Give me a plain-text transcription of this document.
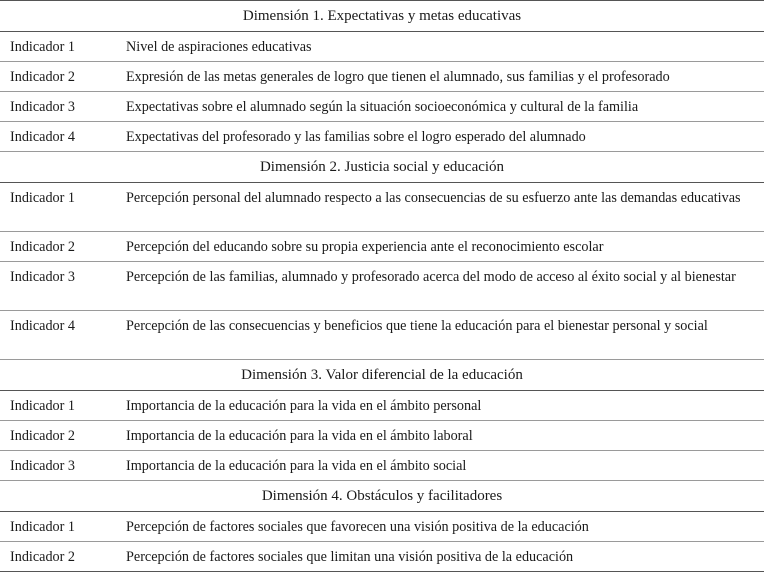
Dimensión 1. Expectativas y metas educativas	
Indicador 1	Nivel de aspiraciones educativas
Indicador 2	Expresión de las metas generales de logro que tienen el alumnado, sus familias y el profesorado
Indicador 3	Expectativas sobre el alumnado según la situación socioeconómica y cultural de la familia
Indicador 4	Expectativas del profesorado y las familias sobre el logro esperado del alumnado
Dimensión 2. Justicia social y educación	
Indicador 1	Percepción personal del alumnado respecto a las consecuencias de su esfuerzo ante las demandas educativas
Indicador 2	Percepción del educando sobre su propia experiencia ante el reconocimiento escolar
Indicador 3	Percepción de las familias, alumnado y profesorado acerca del modo de acceso al éxito social y al bienestar
Indicador 4	Percepción de las consecuencias y beneficios que tiene la educación para el bienestar personal y social
Dimensión 3. Valor diferencial de la educación	
Indicador 1	Importancia de la educación para la vida en el ámbito personal
Indicador 2	Importancia de la educación para la vida en el ámbito laboral
Indicador 3	Importancia de la educación para la vida en el ámbito social
Dimensión 4. Obstáculos y facilitadores	
Indicador 1	Percepción de factores sociales que favorecen una visión positiva de la educación
Indicador 2	Percepción de factores sociales que limitan una visión positiva de la educación
